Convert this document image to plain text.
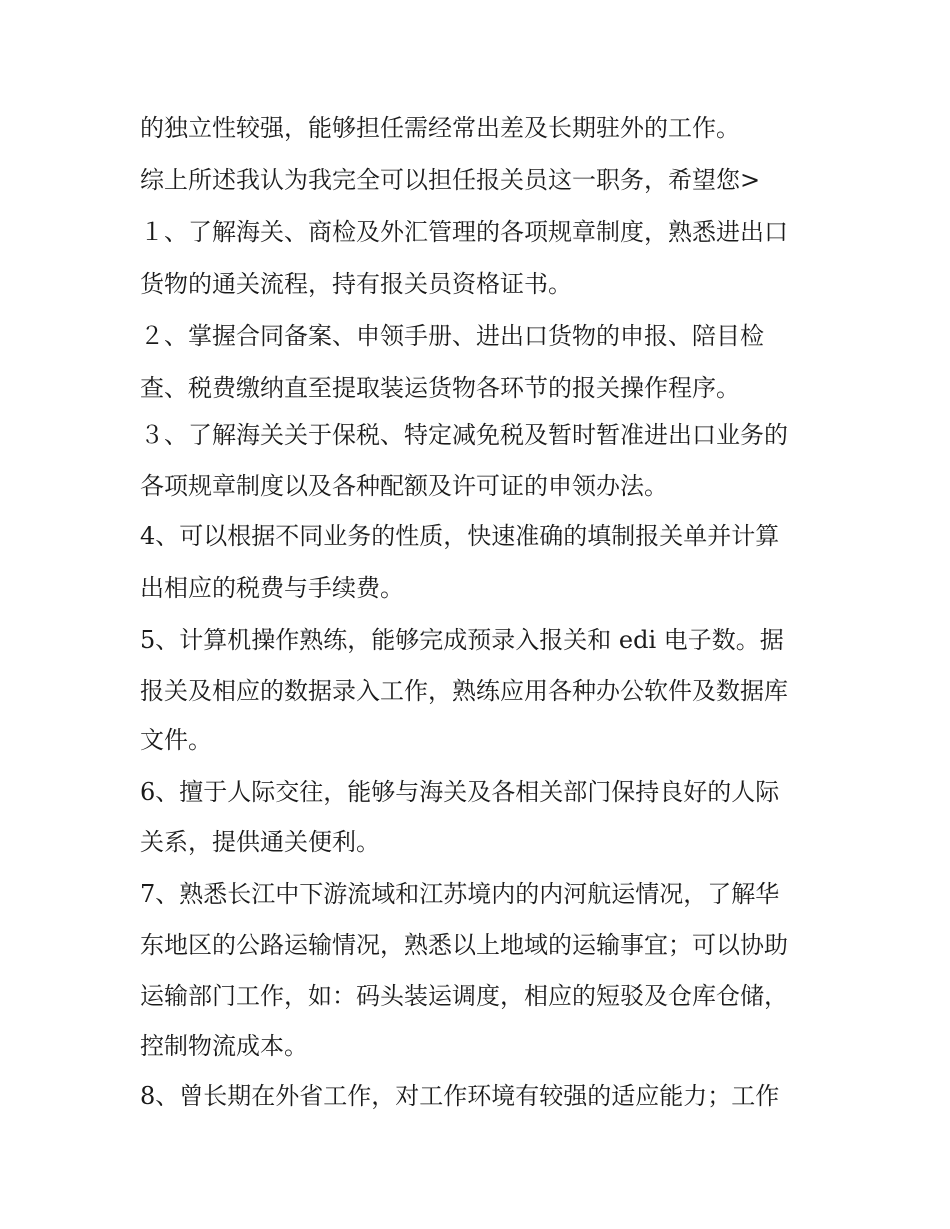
的独立性较强，能够担任需经常出差及长期驻外的工作。
综上所述我认为我完全可以担任报关员这一职务，希望您>
１、了解海关、商检及外汇管理的各项规章制度，熟悉进出口
货物的通关流程，持有报关员资格证书。
２、掌握合同备案、申领手册、进出口货物的申报、陪目检
查、税费缴纳直至提取装运货物各环节的报关操作程序。
３、了解海关关于保税、特定减免税及暂时暂准进出口业务的
各项规章制度以及各种配额及许可证的申领办法。
4、可以根据不同业务的性质，快速准确的填制报关单并计算
出相应的税费与手续费。
5、计算机操作熟练，能够完成预录入报关和 edi 电子数。据
报关及相应的数据录入工作，熟练应用各种办公软件及数据库
文件。
6、擅于人际交往，能够与海关及各相关部门保持良好的人际
关系，提供通关便利。
7、熟悉长江中下游流域和江苏境内的内河航运情况，了解华
东地区的公路运输情况，熟悉以上地域的运输事宜；可以协助
运输部门工作，如：码头装运调度，相应的短驳及仓库仓储，
控制物流成本。
8、曾长期在外省工作，对工作环境有较强的适应能力；工作
